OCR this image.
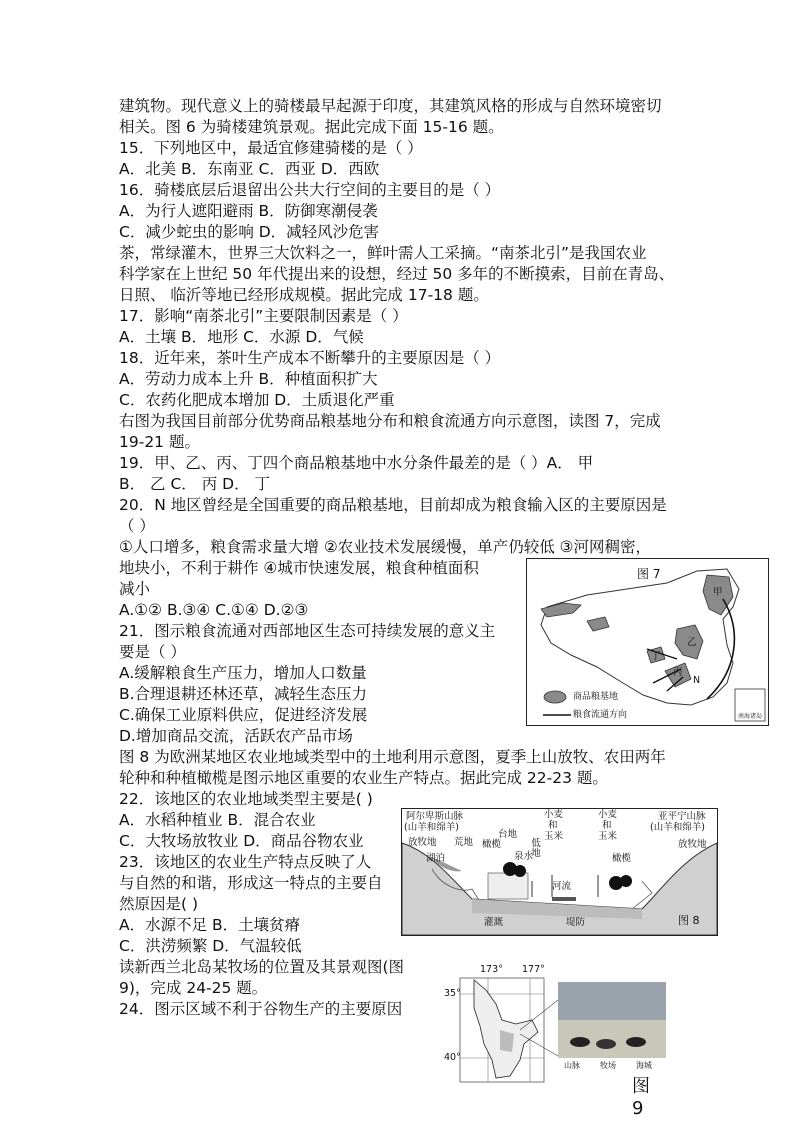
建筑物。现代意义上的骑楼最早起源于印度，其建筑风格的形成与自然环境密切
相关。图 6 为骑楼建筑景观。据此完成下面 15-16 题。
15．下列地区中，最适宜修建骑楼的是（ ）
A．北美 B．东南亚 C．西亚 D．西欧
16．骑楼底层后退留出公共大行空间的主要目的是（ ）
A．为行人遮阳避雨 B．防御寒潮侵袭
C．减少蛇虫的影响 D．减轻风沙危害
茶，常绿灌木，世界三大饮料之一，鲜叶需人工采摘。“南茶北引”是我国农业
科学家在上世纪 50 年代提出来的设想，经过 50 多年的不断摸索，目前在青岛、
日照、 临沂等地已经形成规模。据此完成 17-18 题。
17．影响“南茶北引”主要限制因素是（ ）
A．土壤 B．地形 C．水源 D．气候
18．近年来，茶叶生产成本不断攀升的主要原因是（ ）
A．劳动力成本上升 B．种植面积扩大
C．农药化肥成本增加 D．土质退化严重
右图为我国目前部分优势商品粮基地分布和粮食流通方向示意图，读图 7，完成
19-21 题。
19．甲、乙、丙、丁四个商品粮基地中水分条件最差的是（ ）A． 甲
B． 乙 C． 丙 D． 丁
20．N 地区曾经是全国重要的商品粮基地，目前却成为粮食输入区的主要原因是
（ ）
①人口增多，粮食需求量大增 ②农业技术发展缓慢，单产仍较低 ③河网稠密，
地块小，不利于耕作 ④城市快速发展，粮食种植面积
减小
A.①② B.③④ C.①④ D.②③
21．图示粮食流通对西部地区生态可持续发展的意义主
要是（ ）
A.缓解粮食生产压力，增加人口数量
B.合理退耕还林还草，减轻生态压力
C.确保工业原料供应，促进经济发展
D.增加商品交流，活跃农产品市场
图 8 为欧洲某地区农业地域类型中的土地利用示意图，夏季上山放牧、农田两年
轮种和种植橄榄是图示地区重要的农业生产特点。据此完成 22-23 题。
22．该地区的农业地域类型主要是( )
A．水稻种植业 B．混合农业
C．大牧场放牧业 D．商品谷物农业
23．该地区的农业生产特点反映了人
与自然的和谐，形成这一特点的主要自
然原因是( )
A．水源不足 B．土壤贫瘠
C．洪涝频繁 D．气温较低
读新西兰北岛某牧场的位置及其景观图(图
9)，完成 24-25 题。
24．图示区域不利于谷物生产的主要原因
图 7
商品粮基地
粮食流通方向	南海诸岛
甲
乙
丙
丁
N
阿尔卑斯山脉
(山羊和绵羊)
放牧地 荒地
台地
橄榄
湖泊
小麦
和
玉米
泉水
低地
河流
小麦
和
玉米
亚平宁山脉
(山羊和绵羊)
放牧地
橄榄
灌溉	堤防	图 8
173° 177°
35°
40°
山脉	牧场	海城
图 9
